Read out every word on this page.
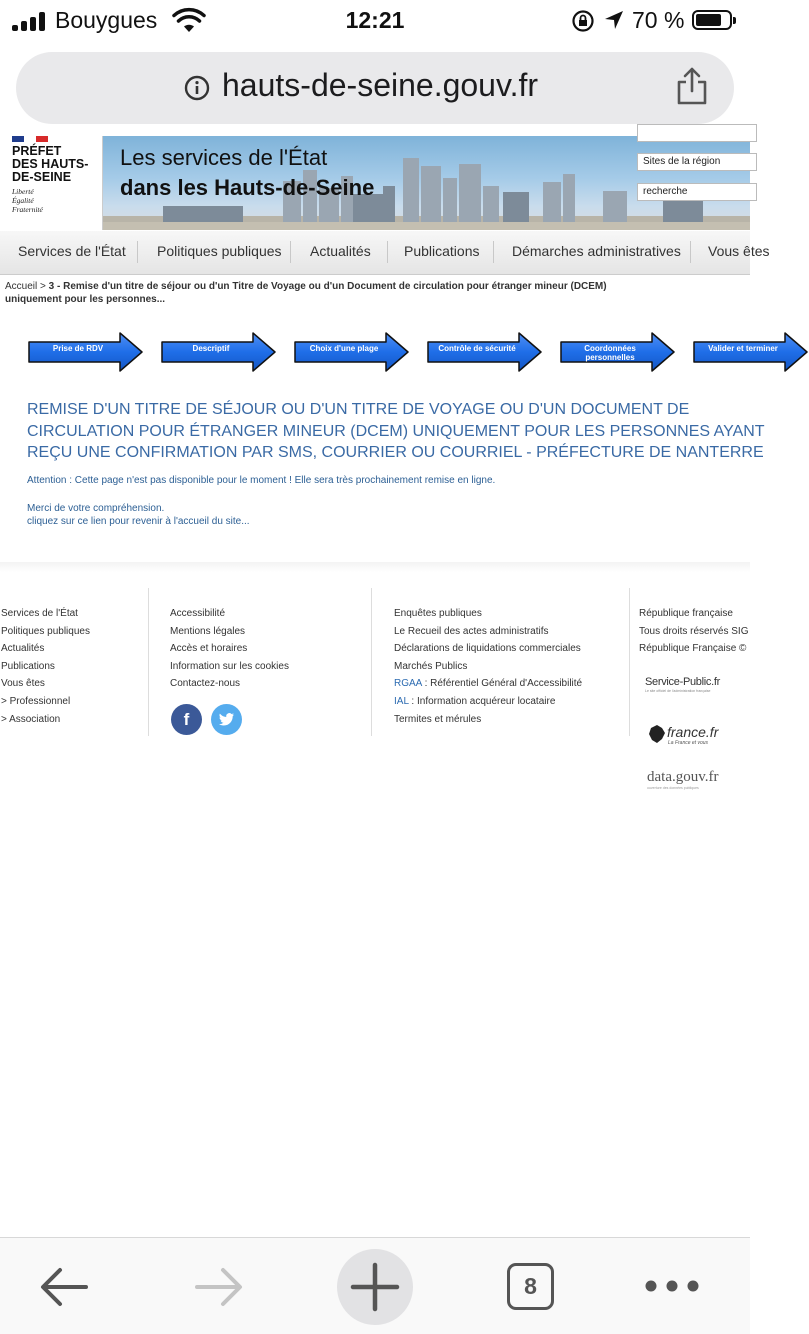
Bouygues	12:21	70 %
hauts-de-seine.gouv.fr
PRÉFET
DES HAUTS-
DE-SEINE
Liberté
Égalité
Fraternité
Les services de l'État
dans les Hauts-de-Seine
Sites de la région
recherche
Services de l'État Politiques publiques Actualités Publications Démarches administratives Vous êtes
Accueil > 3 - Remise d'un titre de séjour ou d'un Titre de Voyage ou d'un Document de circulation pour étranger mineur (DCEM) uniquement pour les personnes...
Prise de RDV	Descriptif	Choix d'une plage	Contrôle de sécurité	Coordonnées personnelles
Valider et terminer
REMISE D'UN TITRE DE SÉJOUR OU D'UN TITRE DE VOYAGE OU D'UN DOCUMENT DE
CIRCULATION POUR ÉTRANGER MINEUR (DCEM) UNIQUEMENT POUR LES PERSONNES AYANT
REÇU UNE CONFIRMATION PAR SMS, COURRIER OU COURRIEL - PRÉFECTURE DE NANTERRE
Attention : Cette page n'est pas disponible pour le moment ! Elle sera très prochainement remise en ligne.
Merci de votre compréhension.
cliquez sur ce lien pour revenir à l'accueil du site...
Services de l'État
Politiques publiques
Actualités
Publications
Vous êtes
> Professionnel
> Association
Accessibilité
Mentions légales
Accès et horaires
Information sur les cookies
Contactez-nous
f
Enquêtes publiques
Le Recueil des actes administratifs
Déclarations de liquidations commerciales
Marchés Publics
RGAA : Référentiel Général d'Accessibilité
IAL : Information acquéreur locataire
Termites et mérules
République française
Tous droits réservés SIG
République Française ©
Service-Public.fr
Le site officiel de l'administration française
france.fr
La France et vous
data.gouv.fr
ouverture des données publiques
8
